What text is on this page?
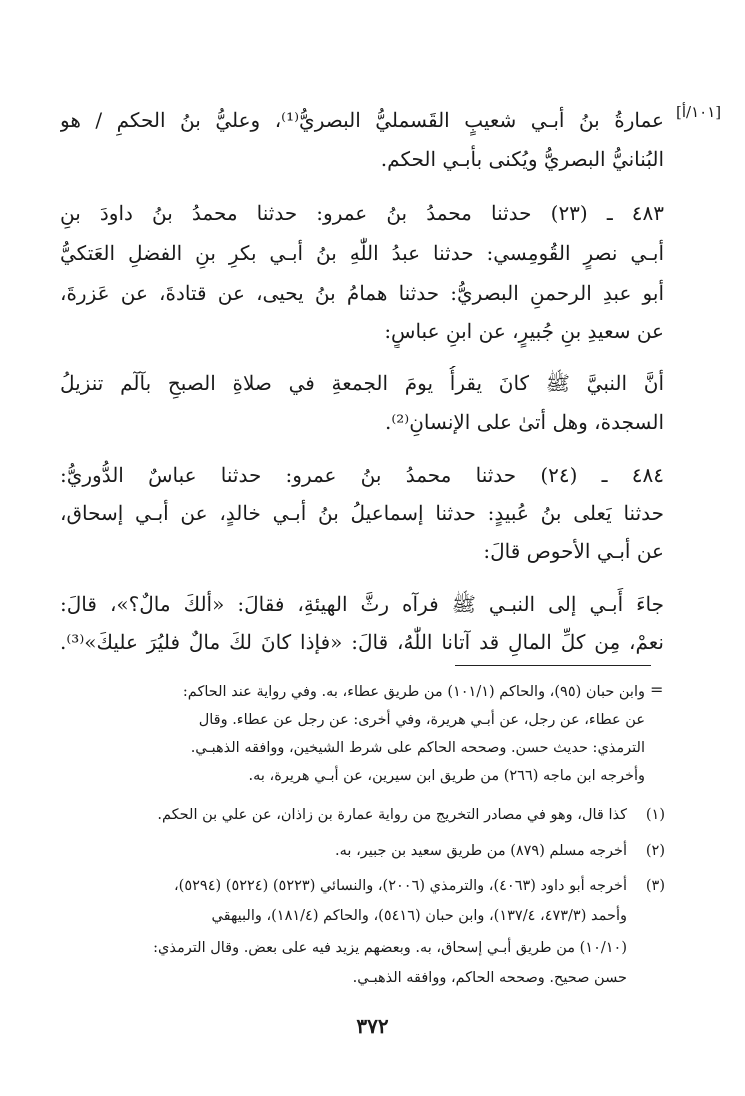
[١٠١/أ]
عمارةُ بنُ أبـي شعيبٍ القَسمليُّ البصريُّ⁽¹⁾، وعليُّ بنُ الحكمِ / هو
البُنانيُّ البصريُّ ويُكنى بأبـي الحكم.
٤٨٣ ـ (٢٣) حدثنا محمدُ بنُ عمرو: حدثنا محمدُ بنُ داودَ بنِ
أبـي نصرٍ القُومِسي: حدثنا عبدُ اللّٰهِ بنُ أبـي بكرِ بنِ الفضلِ العَتكيُّ
أبو عبدِ الرحمنِ البصريُّ: حدثنا همامُ بنُ يحيى، عن قتادةَ، عن عَزرةَ،
عن سعيدِ بنِ جُبيرٍ، عن ابنِ عباسٍ:
أنَّ النبيَّ ﷺ كانَ يقرأُ يومَ الجمعةِ في صلاةِ الصبحِ بآلٓم تنزيلُ
السجدة، وهل أتىٰ على الإنسانِ⁽²⁾.
٤٨٤ ـ (٢٤) حدثنا محمدُ بنُ عمرو: حدثنا عباسٌ الدُّوريُّ:
حدثنا يَعلى بنُ عُبيدٍ: حدثنا إسماعيلُ بنُ أبـي خالدٍ، عن أبـي إسحاق،
عن أبـي الأحوص قالَ:
جاءَ أَبـي إلى النبـي ﷺ فرآه رثَّ الهيئةِ، فقالَ: «ألكَ مالٌ؟»، قالَ:
نعمْ، مِن كلِّ المالِ قد آتانا اللّٰهُ، قالَ: «فإذا كانَ لكَ مالٌ فليُرَ عليكَ»⁽³⁾.
=
وابن حبان (٩٥)، والحاكم (١٠١/١) من طريق عطاء، به. وفي رواية عند الحاكم:
عن عطاء، عن رجل، عن أبـي هريرة، وفي أخرى: عن رجل عن عطاء. وقال
الترمذي: حديث حسن. وصححه الحاكم على شرط الشيخين، ووافقه الذهبـي.
وأخرجه ابن ماجه (٢٦٦) من طريق ابن سيرين، عن أبـي هريرة، به.
(١)كذا قال، وهو في مصادر التخريج من رواية عمارة بن زاذان، عن علي بن الحكم.
(٢)أخرجه مسلم (٨٧٩) من طريق سعيد بن جبير، به.
(٣)أخرجه أبو داود (٤٠٦٣)، والترمذي (٢٠٠٦)، والنسائي (٥٢٢٣) (٥٢٢٤) (٥٢٩٤)،
وأحمد (٤٧٣/٣، ١٣٧/٤)، وابن حبان (٥٤١٦)، والحاكم (١٨١/٤)، والبيهقي
(١٠/١٠) من طريق أبـي إسحاق، به. وبعضهم يزيد فيه على بعض. وقال الترمذي:
حسن صحيح. وصححه الحاكم، ووافقه الذهبـي.
٣٧٢
